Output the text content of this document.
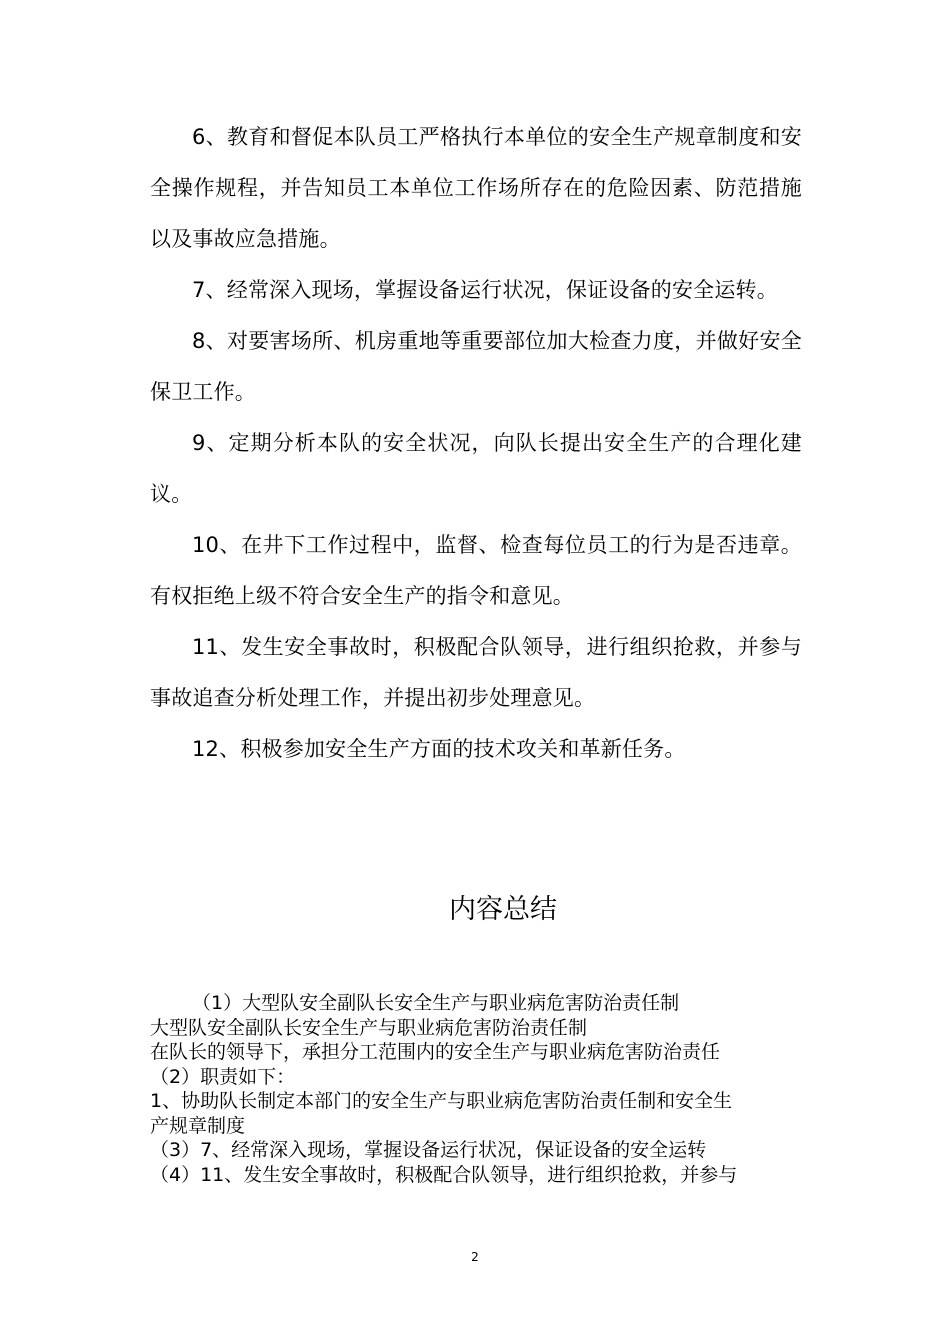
6、教育和督促本队员工严格执行本单位的安全生产规章制度和安全操作规程，并告知员工本单位工作场所存在的危险因素、防范措施以及事故应急措施。

7、经常深入现场，掌握设备运行状况，保证设备的安全运转。

8、对要害场所、机房重地等重要部位加大检查力度，并做好安全保卫工作。

9、定期分析本队的安全状况，向队长提出安全生产的合理化建议。

10、在井下工作过程中，监督、检查每位员工的行为是否违章。有权拒绝上级不符合安全生产的指令和意见。

11、发生安全事故时，积极配合队领导，进行组织抢救，并参与事故追查分析处理工作，并提出初步处理意见。

12、积极参加安全生产方面的技术攻关和革新任务。

内容总结
（1）大型队安全副队长安全生产与职业病危害防治责任制
大型队安全副队长安全生产与职业病危害防治责任制
在队长的领导下，承担分工范围内的安全生产与职业病危害防治责任
（2）职责如下：
1、协助队长制定本部门的安全生产与职业病危害防治责任制和安全生
产规章制度
（3）7、经常深入现场，掌握设备运行状况，保证设备的安全运转
（4）11、发生安全事故时，积极配合队领导，进行组织抢救，并参与
2
